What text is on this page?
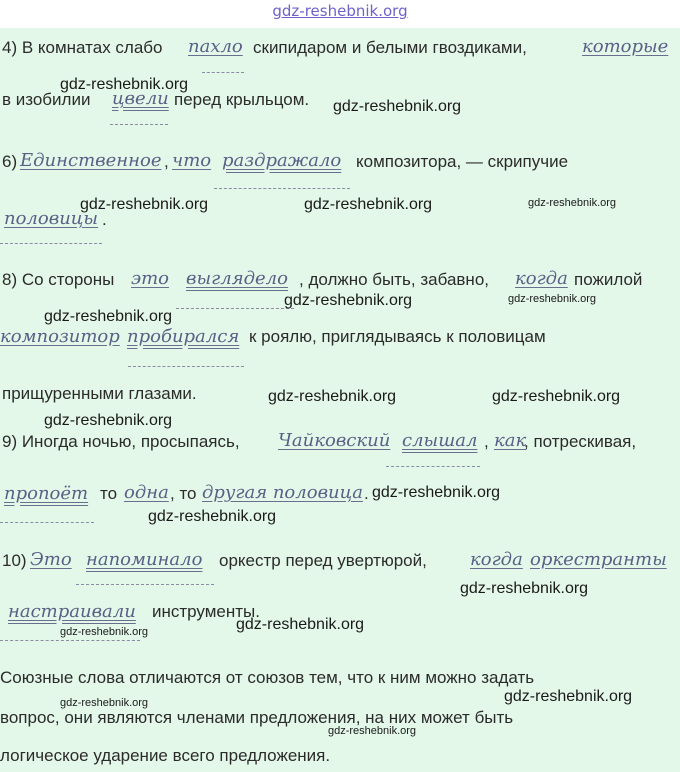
gdz-reshebnik.org
4) В комнатах слабо пахло скипидаром и белыми гвоздиками,	которые
в изобилии цвели перед крыльцом.
6) Единственное , что раздражало композитора, — скрипучие
половицы .
8) Со стороны это выглядело , должно быть, забавно, когда пожилой
композитор пробирался к роялю, приглядываясь к половицам
прищуренными глазами.
9) Иногда ночью, просыпаясь, Чайковский слышал , как
, потрескивая,
пропоёт то одна , то другая половица .
10) Это напоминало оркестр перед увертюрой, когда оркестранты
настраивали инструменты.
Союзные слова отличаются от союзов тем, что к ним можно задать
вопрос, они являются членами предложения, на них может быть
логическое ударение всего предложения.
gdz-reshebnik.org
gdz-reshebnik.org
gdz-reshebnik.org	gdz-reshebnik.org	gdz-reshebnik.org
gdz-reshebnik.org	gdz-reshebnik.org
gdz-reshebnik.org
gdz-reshebnik.org	gdz-reshebnik.org
gdz-reshebnik.org
gdz-reshebnik.org
gdz-reshebnik.org
gdz-reshebnik.org
gdz-reshebnik.org	gdz-reshebnik.org
gdz-reshebnik.org	gdz-reshebnik.org
gdz-reshebnik.org
